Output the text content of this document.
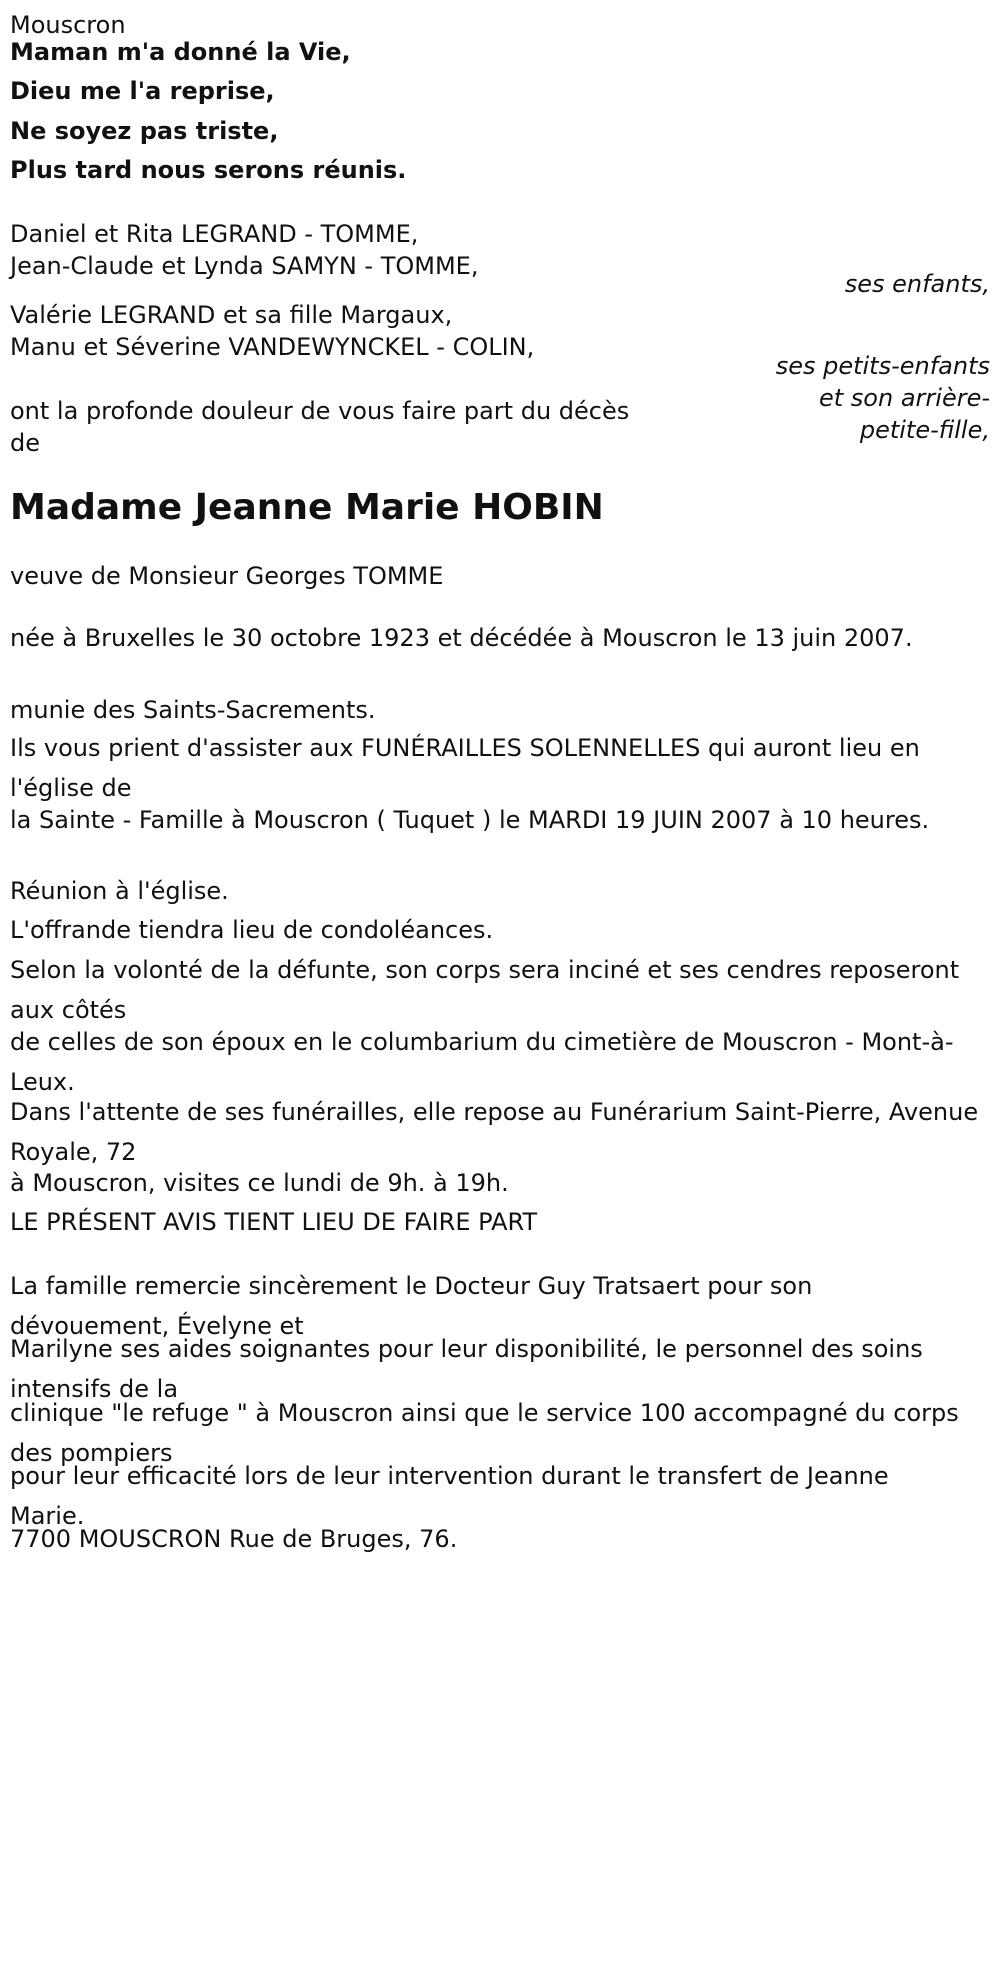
Mouscron
Maman m'a donné la Vie,
Dieu me l'a reprise,
Ne soyez pas triste,
Plus tard nous serons réunis.
Daniel et Rita LEGRAND - TOMME,
Jean-Claude et Lynda SAMYN - TOMME,
ses enfants,
Valérie LEGRAND et sa fille Margaux,
Manu et Séverine VANDEWYNCKEL - COLIN,
ses petits-enfants
et son arrière-
petite-fille,
ont la profonde douleur de vous faire part du décès
de
Madame Jeanne Marie HOBIN
veuve de Monsieur Georges TOMME
née à Bruxelles le 30 octobre 1923 et décédée à Mouscron le 13 juin 2007.
munie des Saints-Sacrements.
Ils vous prient d'assister aux FUNÉRAILLES SOLENNELLES qui auront lieu en l'église de
la Sainte - Famille à Mouscron ( Tuquet ) le MARDI 19 JUIN 2007 à 10 heures.
Réunion à l'église.
L'offrande tiendra lieu de condoléances.
Selon la volonté de la défunte, son corps sera inciné et ses cendres reposeront aux côtés
de celles de son époux en le columbarium du cimetière de Mouscron - Mont-à-Leux.
Dans l'attente de ses funérailles, elle repose au Funérarium Saint-Pierre, Avenue Royale, 72
à Mouscron, visites ce lundi de 9h. à 19h.
LE PRÉSENT AVIS TIENT LIEU DE FAIRE PART
La famille remercie sincèrement le Docteur Guy Tratsaert pour son dévouement, Évelyne et
Marilyne ses aides soignantes pour leur disponibilité, le personnel des soins intensifs de la
clinique "le refuge " à Mouscron ainsi que le service 100 accompagné du corps des pompiers
pour leur efficacité lors de leur intervention durant le transfert de Jeanne Marie.
7700 MOUSCRON Rue de Bruges, 76.
